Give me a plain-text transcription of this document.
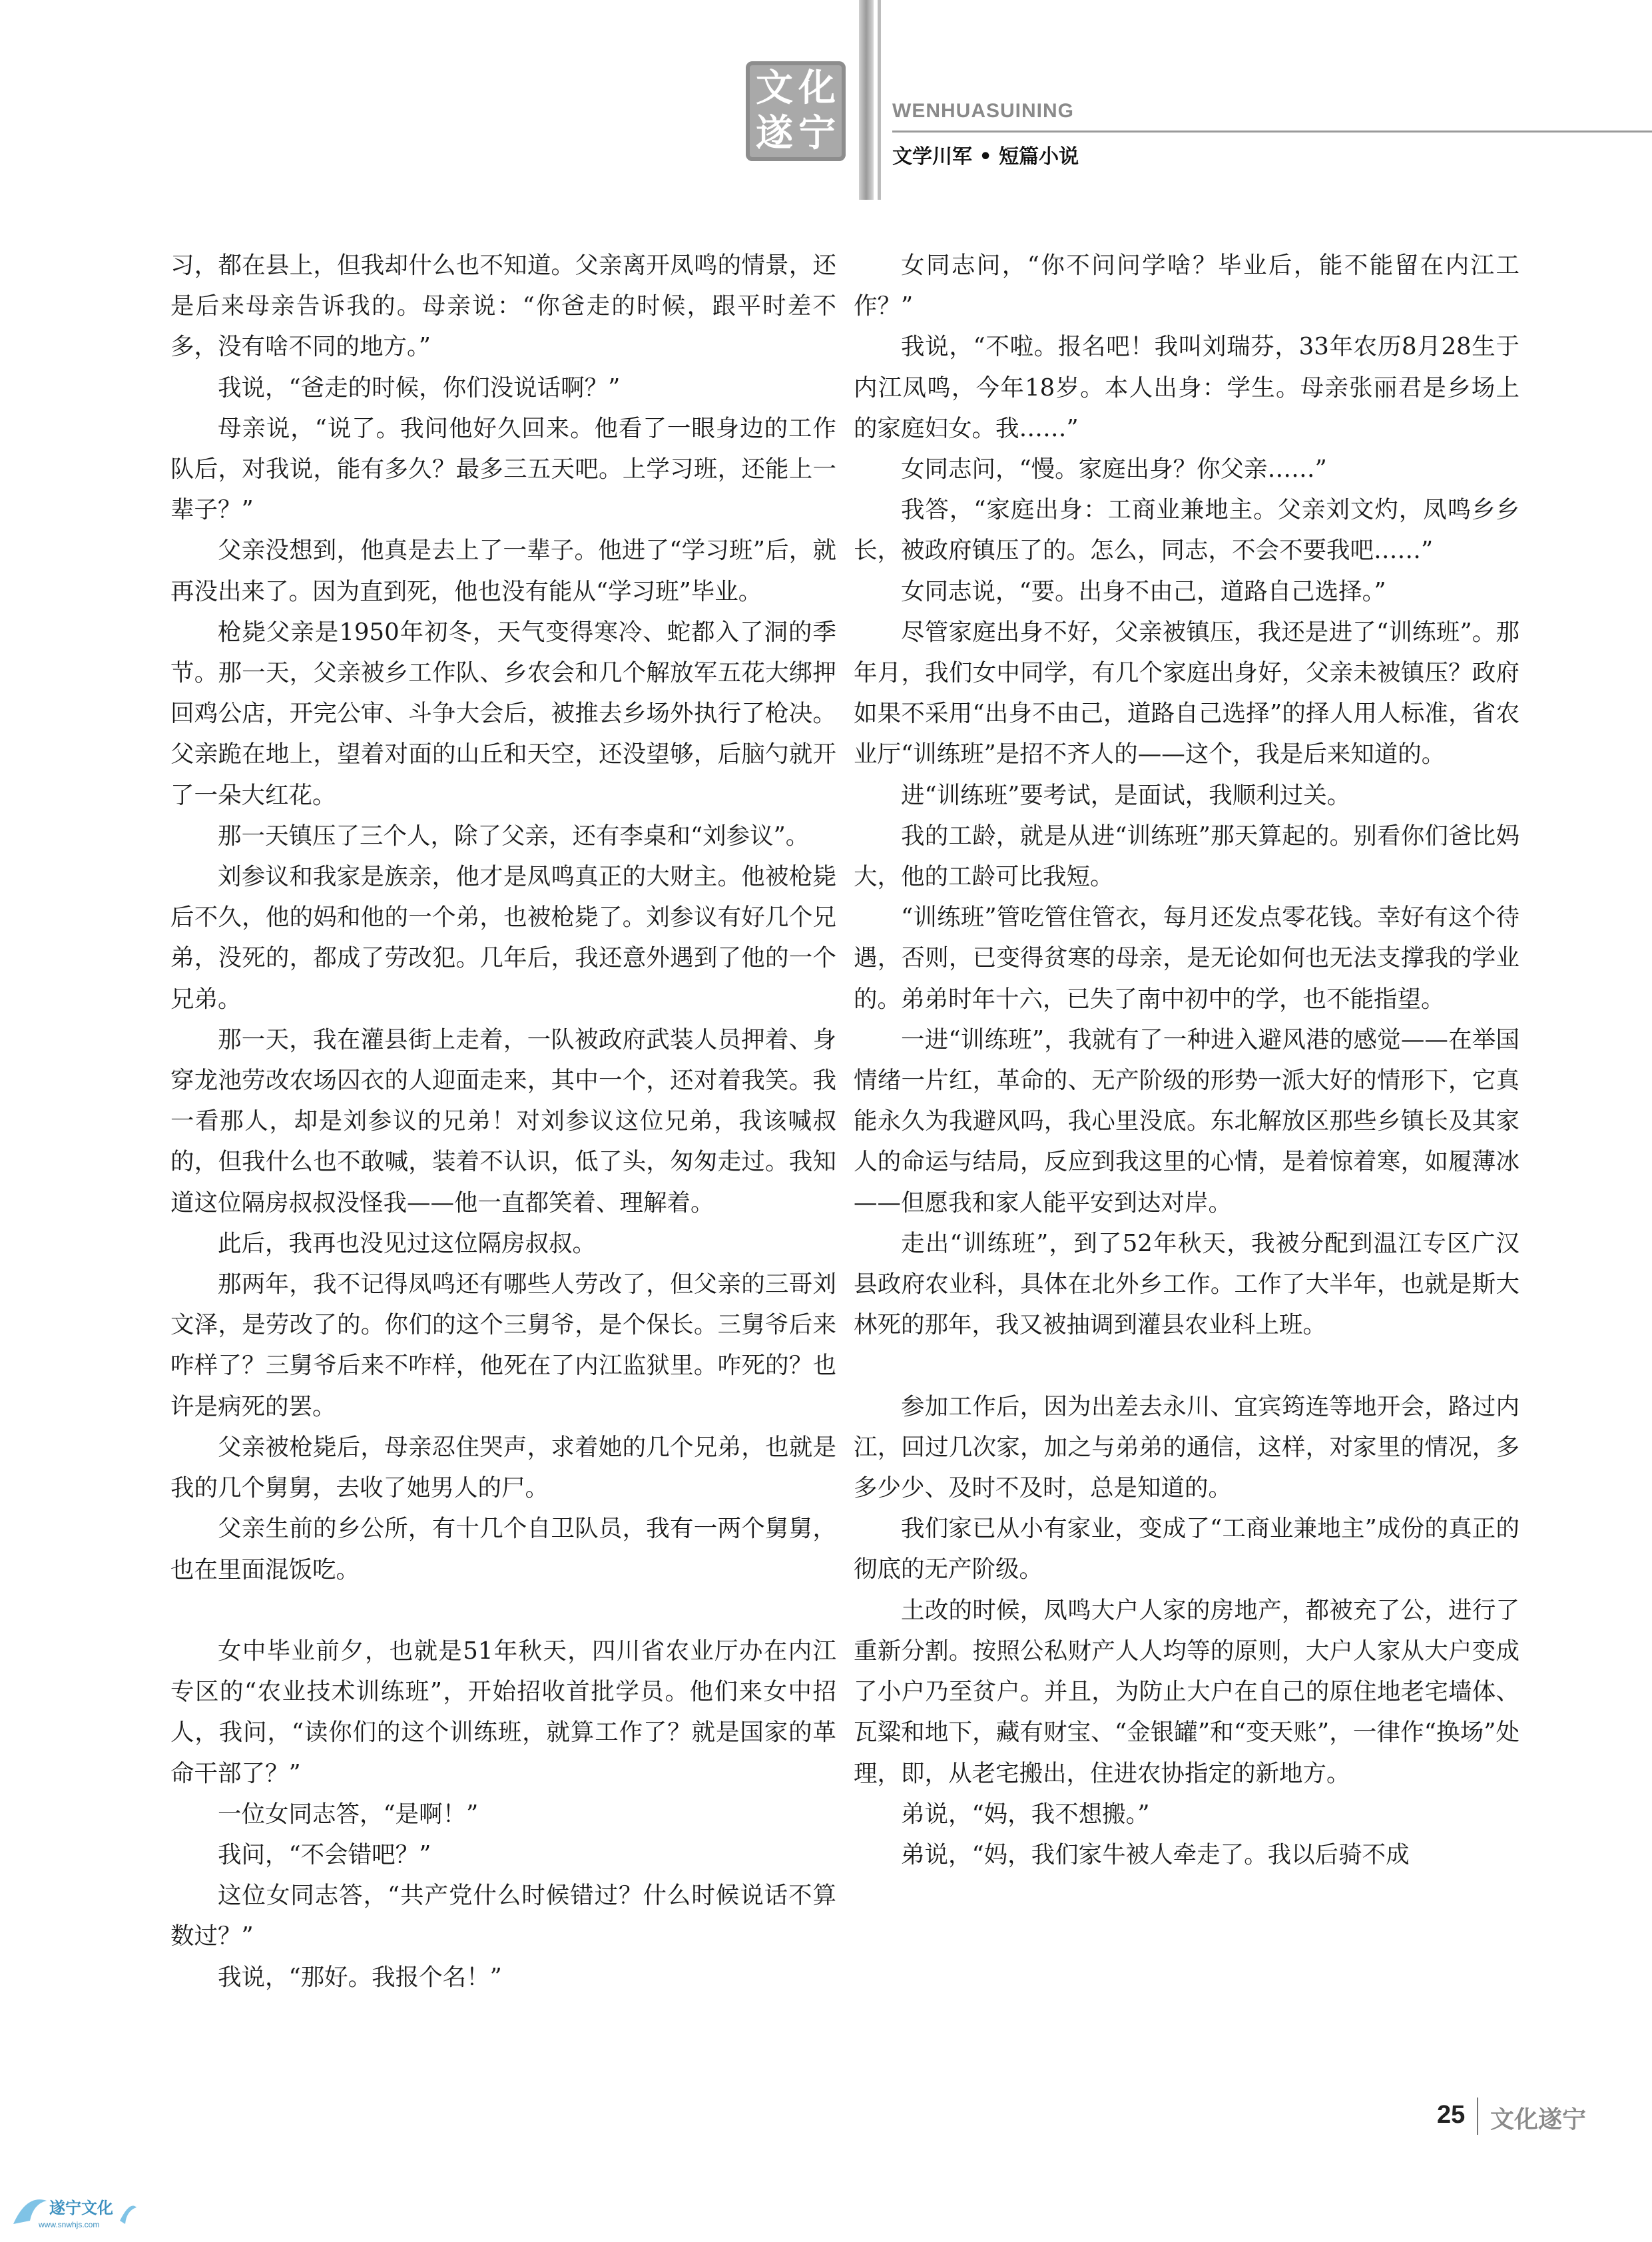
文 化
遂 宁
WENHUASUINING
文学川军 • 短篇小说

习，都在县上，但我却什么也不知道。父亲离开凤鸣的情景，还是后来母亲告诉我的。母亲说：“你爸走的时候，跟平时差不多，没有啥不同的地方。”

我说，“爸走的时候，你们没说话啊？”

母亲说，“说了。我问他好久回来。他看了一眼身边的工作队后，对我说，能有多久？最多三五天吧。上学习班，还能上一辈子？”

父亲没想到，他真是去上了一辈子。他进了“学习班”后，就再没出来了。因为直到死，他也没有能从“学习班”毕业。

枪毙父亲是1950年初冬，天气变得寒冷、蛇都入了洞的季节。那一天，父亲被乡工作队、乡农会和几个解放军五花大绑押回鸡公店，开完公审、斗争大会后，被推去乡场外执行了枪决。父亲跪在地上，望着对面的山丘和天空，还没望够，后脑勺就开了一朵大红花。

那一天镇压了三个人，除了父亲，还有李桌和“刘参议”。

刘参议和我家是族亲，他才是凤鸣真正的大财主。他被枪毙后不久，他的妈和他的一个弟，也被枪毙了。刘参议有好几个兄弟，没死的，都成了劳改犯。几年后，我还意外遇到了他的一个兄弟。

那一天，我在灌县街上走着，一队被政府武装人员押着、身穿龙池劳改农场囚衣的人迎面走来，其中一个，还对着我笑。我一看那人，却是刘参议的兄弟！对刘参议这位兄弟，我该喊叔的，但我什么也不敢喊，装着不认识，低了头，匆匆走过。我知道这位隔房叔叔没怪我——他一直都笑着、理解着。

此后，我再也没见过这位隔房叔叔。

那两年，我不记得凤鸣还有哪些人劳改了，但父亲的三哥刘文泽，是劳改了的。你们的这个三舅爷，是个保长。三舅爷后来咋样了？三舅爷后来不咋样，他死在了内江监狱里。咋死的？也许是病死的罢。

父亲被枪毙后，母亲忍住哭声，求着她的几个兄弟，也就是我的几个舅舅，去收了她男人的尸。

父亲生前的乡公所，有十几个自卫队员，我有一两个舅舅，也在里面混饭吃。

女中毕业前夕，也就是51年秋天，四川省农业厅办在内江专区的“农业技术训练班”，开始招收首批学员。他们来女中招人，我问，“读你们的这个训练班，就算工作了？就是国家的革命干部了？”

一位女同志答，“是啊！”

我问，“不会错吧？”

这位女同志答，“共产党什么时候错过？什么时候说话不算数过？”

我说，“那好。我报个名！”

女同志问，“你不问问学啥？毕业后，能不能留在内江工作？”

我说，“不啦。报名吧！我叫刘瑞芬，33年农历8月28生于内江凤鸣，今年18岁。本人出身：学生。母亲张丽君是乡场上的家庭妇女。我……”

女同志问，“慢。家庭出身？你父亲……”

我答，“家庭出身：工商业兼地主。父亲刘文灼，凤鸣乡乡长，被政府镇压了的。怎么，同志，不会不要我吧……”

女同志说，“要。出身不由己，道路自己选择。”

尽管家庭出身不好，父亲被镇压，我还是进了“训练班”。那年月，我们女中同学，有几个家庭出身好，父亲未被镇压？政府如果不采用“出身不由己，道路自己选择”的择人用人标准，省农业厅“训练班”是招不齐人的——这个，我是后来知道的。

进“训练班”要考试，是面试，我顺利过关。

我的工龄，就是从进“训练班”那天算起的。别看你们爸比妈大，他的工龄可比我短。

“训练班”管吃管住管衣，每月还发点零花钱。幸好有这个待遇，否则，已变得贫寒的母亲，是无论如何也无法支撑我的学业的。弟弟时年十六，已失了南中初中的学，也不能指望。

一进“训练班”，我就有了一种进入避风港的感觉——在举国情绪一片红，革命的、无产阶级的形势一派大好的情形下，它真能永久为我避风吗，我心里没底。东北解放区那些乡镇长及其家人的命运与结局，反应到我这里的心情，是着惊着寒，如履薄冰——但愿我和家人能平安到达对岸。

走出“训练班”，到了52年秋天，我被分配到温江专区广汉县政府农业科，具体在北外乡工作。工作了大半年，也就是斯大林死的那年，我又被抽调到灌县农业科上班。

参加工作后，因为出差去永川、宜宾筠连等地开会，路过内江，回过几次家，加之与弟弟的通信，这样，对家里的情况，多多少少、及时不及时，总是知道的。

我们家已从小有家业，变成了“工商业兼地主”成份的真正的彻底的无产阶级。

土改的时候，凤鸣大户人家的房地产，都被充了公，进行了重新分割。按照公私财产人人均等的原则，大户人家从大户变成了小户乃至贫户。并且，为防止大户在自己的原住地老宅墙体、瓦粱和地下，藏有财宝、“金银罐”和“变天账”，一律作“换场”处理，即，从老宅搬出，住进农协指定的新地方。

弟说，“妈，我不想搬。”

弟说，“妈，我们家牛被人牵走了。我以后骑不成

25 文化遂宁
遂宁文化
www.snwhjs.com
